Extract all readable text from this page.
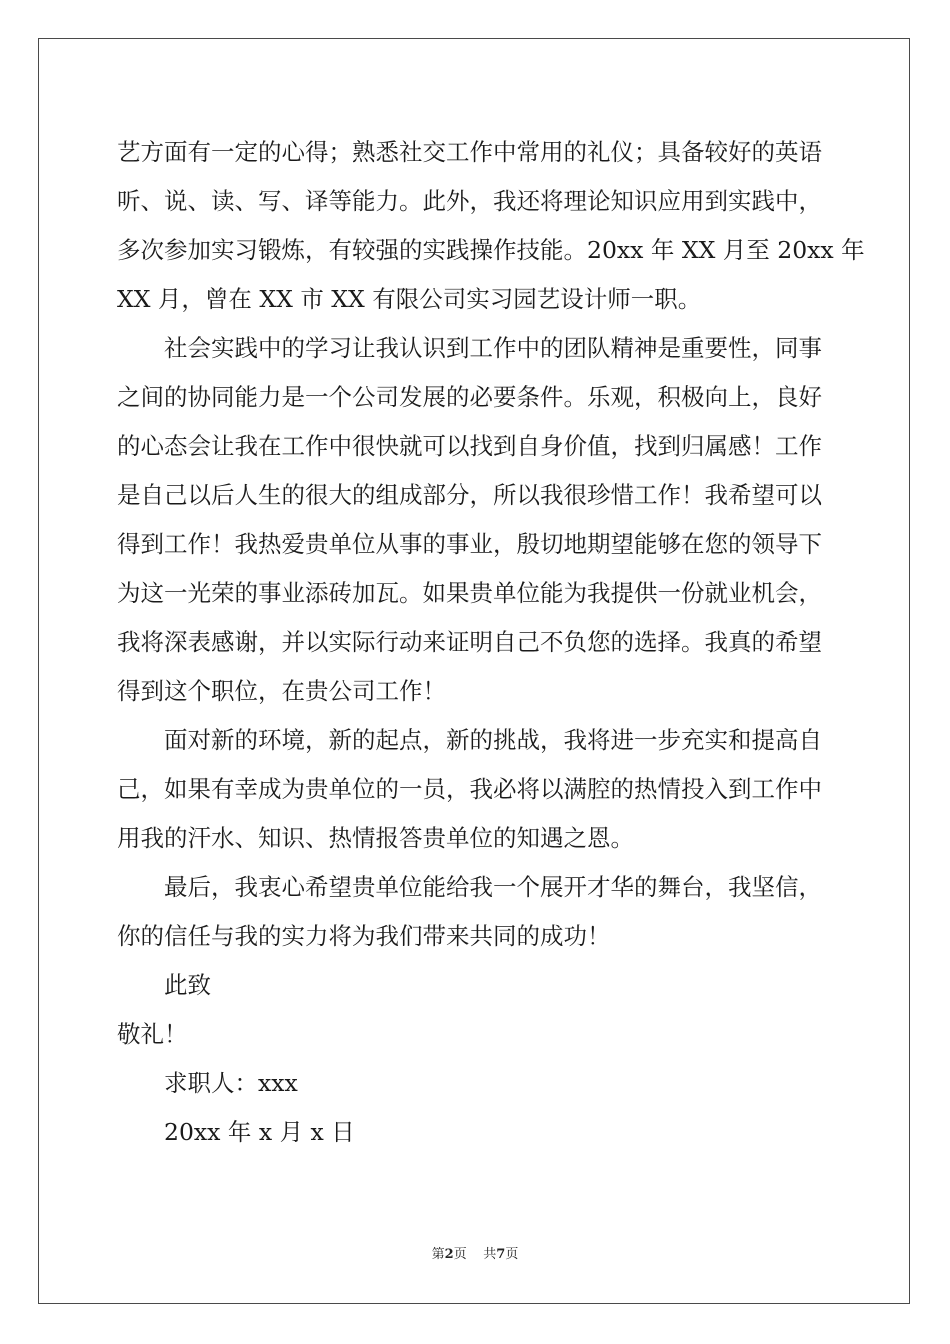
艺方面有一定的心得；熟悉社交工作中常用的礼仪；具备较好的英语
听、说、读、写、译等能力。此外，我还将理论知识应用到实践中，
多次参加实习锻炼，有较强的实践操作技能。20xx 年 XX 月至 20xx 年
XX 月，曾在 XX 市 XX 有限公司实习园艺设计师一职。
社会实践中的学习让我认识到工作中的团队精神是重要性，同事
之间的协同能力是一个公司发展的必要条件。乐观，积极向上，良好
的心态会让我在工作中很快就可以找到自身价值，找到归属感！工作
是自己以后人生的很大的组成部分，所以我很珍惜工作！我希望可以
得到工作！我热爱贵单位从事的事业，殷切地期望能够在您的领导下
为这一光荣的事业添砖加瓦。如果贵单位能为我提供一份就业机会，
我将深表感谢，并以实际行动来证明自己不负您的选择。我真的希望
得到这个职位，在贵公司工作！
面对新的环境，新的起点，新的挑战，我将进一步充实和提高自
己，如果有幸成为贵单位的一员，我必将以满腔的热情投入到工作中
用我的汗水、知识、热情报答贵单位的知遇之恩。
最后，我衷心希望贵单位能给我一个展开才华的舞台，我坚信，
你的信任与我的实力将为我们带来共同的成功！
此致
敬礼！
求职人：xxx
20xx 年 x 月 x 日
第2页 共7页
